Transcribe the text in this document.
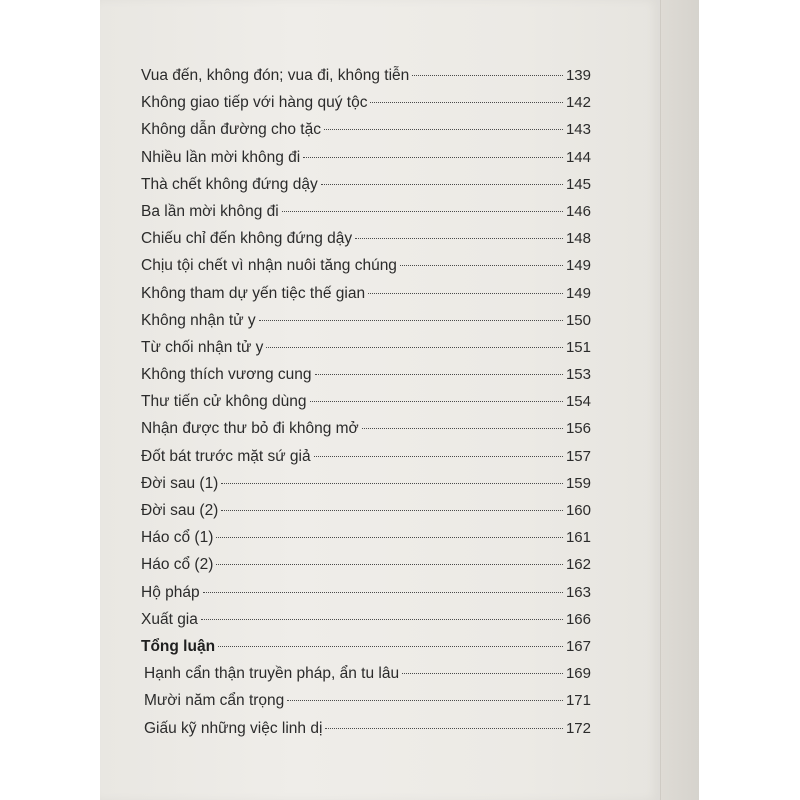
Vua đến, không đón; vua đi, không tiễn	139
Không giao tiếp với hàng quý tộc	142
Không dẫn đường cho tặc	143
Nhiều lần mời không đi	144
Thà chết không đứng dậy	145
Ba lần mời không đi	146
Chiếu chỉ đến không đứng dậy	148
Chịu tội chết vì nhận nuôi tăng chúng	149
Không tham dự yến tiệc thế gian	149
Không nhận tử y	150
Từ chối nhận tử y	151
Không thích vương cung	153
Thư tiến cử không dùng	154
Nhận được thư bỏ đi không mở	156
Đốt bát trước mặt sứ giả	157
Đời sau (1)	159
Đời sau (2)	160
Háo cổ (1)	161
Háo cổ (2)	162
Hộ pháp	163
Xuất gia	166
Tổng luận	167
Hạnh cẩn thận truyền pháp, ẩn tu lâu	169
Mười năm cẩn trọng	171
Giấu kỹ những việc linh dị	172
